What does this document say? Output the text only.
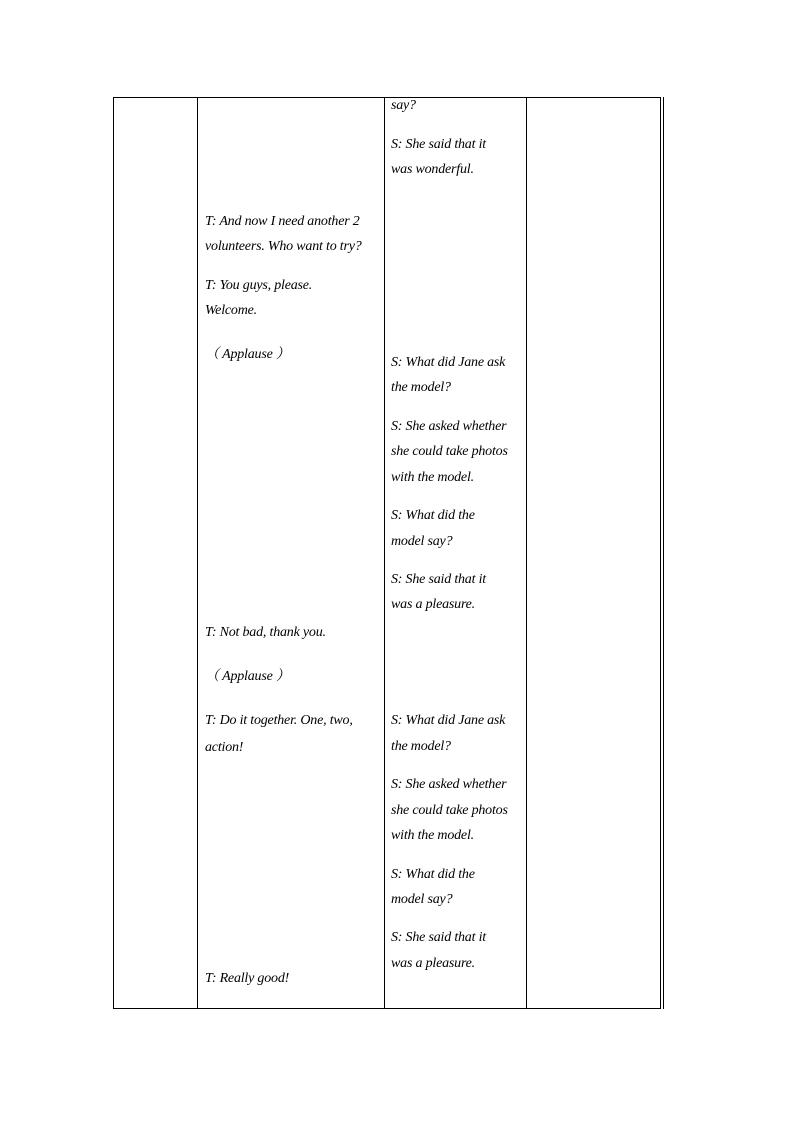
T: And now I need another 2
volunteers. Who want to try?
T: You guys, please.
Welcome.
（ Applause ）
T: Not bad, thank you.
（ Applause ）
T: Do it together. One, two,
action!
T: Really good!
say?
S: She said that it
was wonderful.
S: What did Jane ask
the model?
S: She asked whether
she could take photos
with the model.
S: What did the
model say?
S: She said that it
was a pleasure.
S: What did Jane ask
the model?
S: She asked whether
she could take photos
with the model.
S: What did the
model say?
S: She said that it
was a pleasure.
